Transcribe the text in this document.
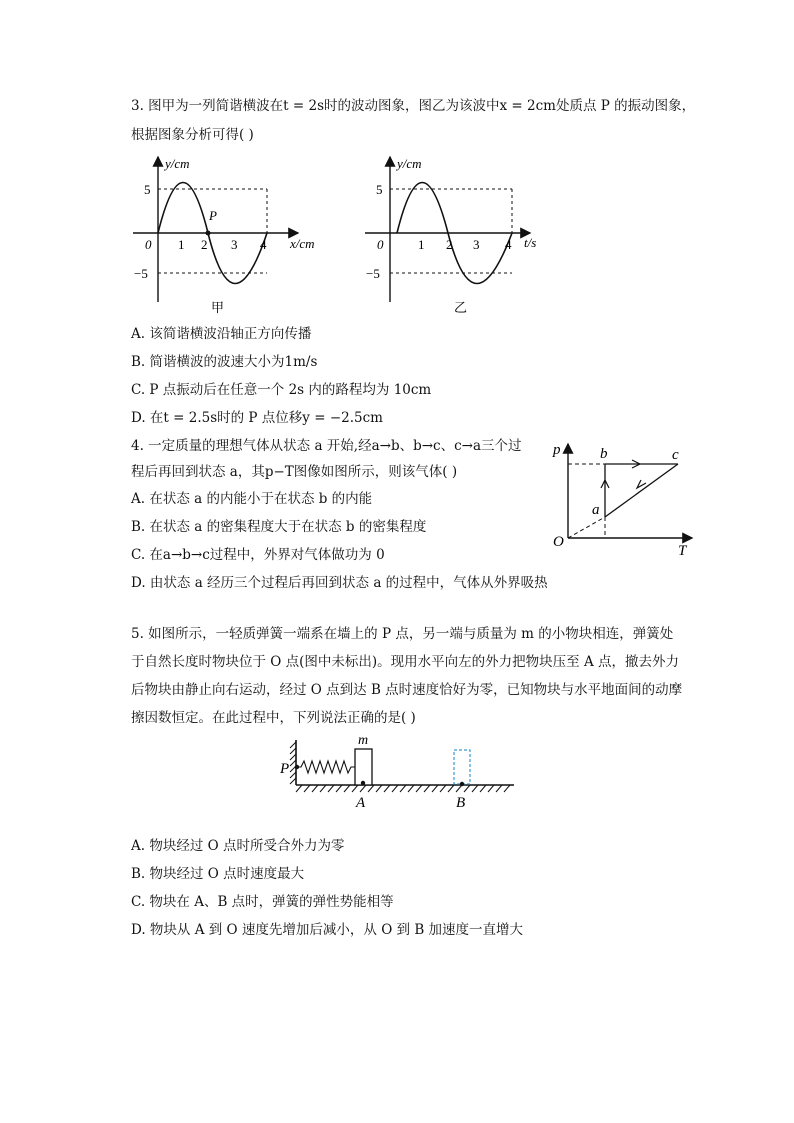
3. 图甲为一列简谐横波在t = 2s时的波动图象，图乙为该波中x = 2cm处质点 P 的振动图象，
根据图象分析可得( )
y/cm
x/cm
0 1 2 3 4
5
−5
P
甲
y/cm
t/s
0	1 2 3 4
5
−5
乙
A. 该简谐横波沿轴正方向传播
B. 简谐横波的波速大小为1m/s
C. P 点振动后在任意一个 2s 内的路程均为 10cm
D. 在t = 2.5s时的 P 点位移y = −2.5cm
4. 一定质量的理想气体从状态 a 开始,经a→b、b→c、c→a三个过
程后再回到状态 a，其p−T图像如图所示，则该气体( )
A. 在状态 a 的内能小于在状态 b 的内能
B. 在状态 a 的密集程度大于在状态 b 的密集程度
C. 在a→b→c过程中，外界对气体做功为 0
D. 由状态 a 经历三个过程后再回到状态 a 的过程中，气体从外界吸热
p
T
O
a
b	c
5. 如图所示，一轻质弹簧一端系在墙上的 P 点，另一端与质量为 m 的小物块相连，弹簧处
于自然长度时物块位于 O 点(图中未标出)。现用水平向左的外力把物块压至 A 点，撤去外力
后物块由静止向右运动，经过 O 点到达 B 点时速度恰好为零，已知物块与水平地面间的动摩
擦因数恒定。在此过程中，下列说法正确的是( )
P
m
A	B
A. 物块经过 O 点时所受合外力为零
B. 物块经过 O 点时速度最大
C. 物块在 A、B 点时，弹簧的弹性势能相等
D. 物块从 A 到 O 速度先增加后减小，从 O 到 B 加速度一直增大
